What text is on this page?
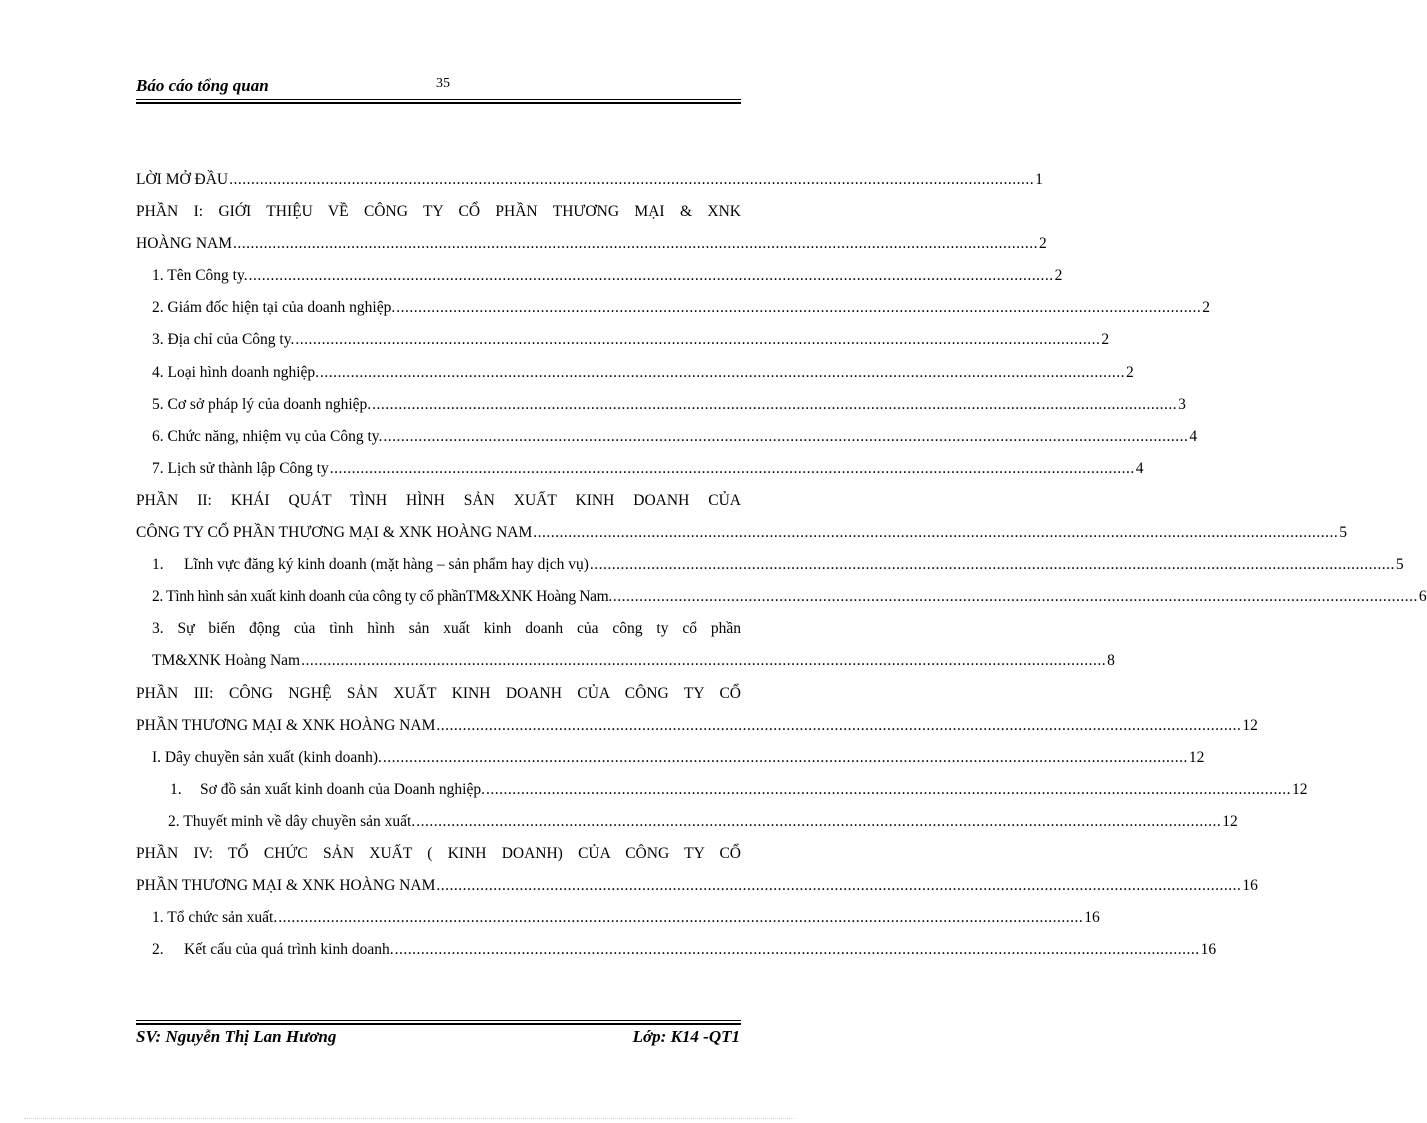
Báo cáo tổng quan	35
LỜI MỞ ĐẦU ........................................................................................................................................................................................ 1
PHẦN I: GIỚI THIỆU VỀ CÔNG TY CỔ PHẦN THƯƠNG MẠI & XNK
HOÀNG NAM ........................................................................................................................................................................................ 2
1. Tên Công ty. ........................................................................................................................................................................................ 2
2. Giám đốc hiện tại của doanh nghiệp. ........................................................................................................................................................................................ 2
3. Địa chỉ của Công ty. ........................................................................................................................................................................................ 2
4. Loại hình doanh nghiệp. ........................................................................................................................................................................................ 2
5. Cơ sở pháp lý của doanh nghiệp. ........................................................................................................................................................................................ 3
6. Chức năng, nhiệm vụ của Công ty. ........................................................................................................................................................................................ 4
7. Lịch sử thành lập Công ty ........................................................................................................................................................................................ 4
PHẦN II: KHÁI QUÁT TÌNH HÌNH SẢN XUẤT KINH DOANH CỦA
CÔNG TY CỔ PHẦN THƯƠNG MẠI & XNK HOÀNG NAM ........................................................................................................................................................................................ 5
1. Lĩnh vực đăng ký kinh doanh (mặt hàng – sản phẩm hay dịch vụ) ........................................................................................................................................................................................ 5
2. Tình hình sản xuất kinh doanh của công ty cổ phầnTM&XNK Hoàng Nam. ........................................................................................................................................................................................ 6
3. Sự biến động của tình hình sản xuất kinh doanh của công ty cổ phần
TM&XNK Hoàng Nam ........................................................................................................................................................................................ 8
PHẦN III: CÔNG NGHỆ SẢN XUẤT KINH DOANH CỦA CÔNG TY CỔ
PHẦN THƯƠNG MẠI & XNK HOÀNG NAM ........................................................................................................................................................................................ 12
I. Dây chuyền sản xuất (kinh doanh). ........................................................................................................................................................................................ 12
1. Sơ đồ sản xuất kinh doanh của Doanh nghiệp. ........................................................................................................................................................................................ 12
2. Thuyết minh về dây chuyền sản xuất. ........................................................................................................................................................................................ 12
PHẦN IV: TỔ CHỨC SẢN XUẤT ( KINH DOANH) CỦA CÔNG TY CỔ
PHẦN THƯƠNG MẠI & XNK HOÀNG NAM ........................................................................................................................................................................................ 16
1. Tổ chức sản xuất. ........................................................................................................................................................................................ 16
2. Kết cấu của quá trình kinh doanh. ........................................................................................................................................................................................ 16
SV: Nguyễn Thị Lan Hương	Lớp: K14 -QT1
